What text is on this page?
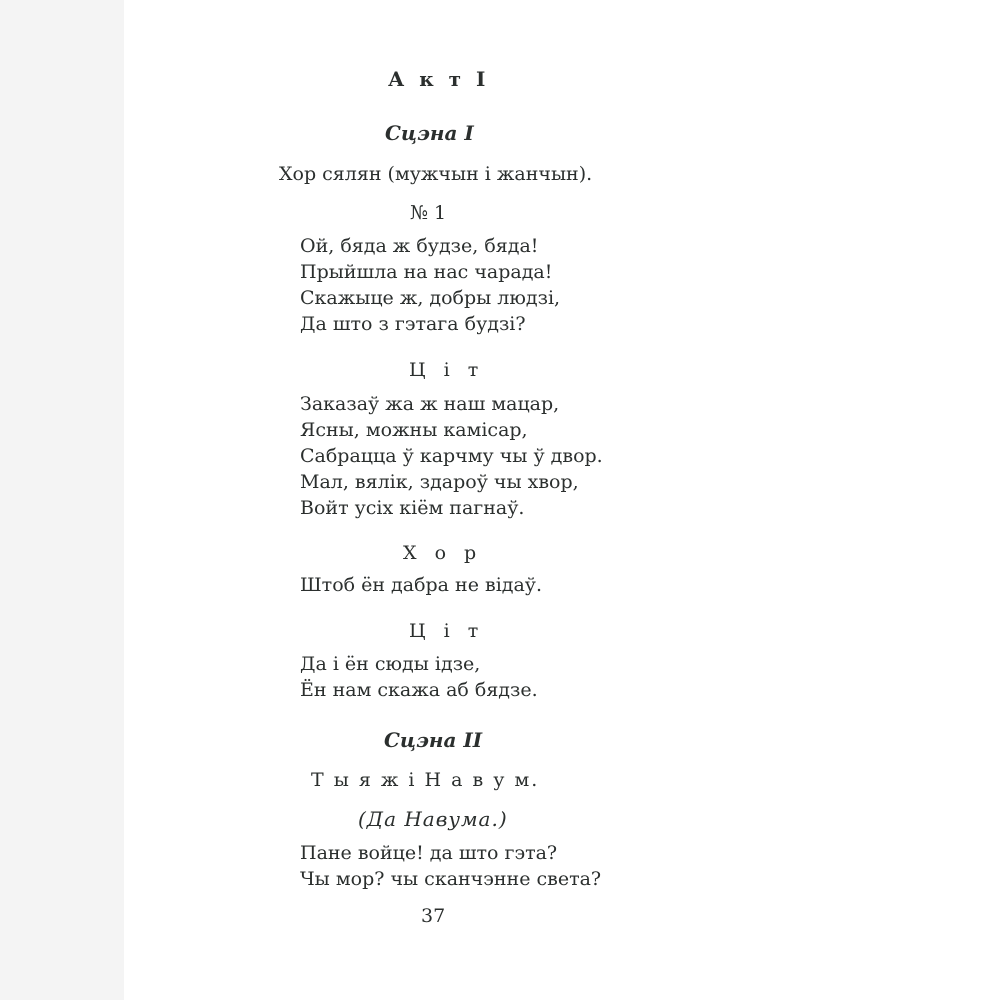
А к т I

Сцэна I

Хор сялян (мужчын і жанчын).

№ 1

Ой, бяда ж будзе, бяда!
Прыйшла на нас чарада!
Скажыце ж, добры людзі,
Да што з гэтага будзі?

Ц і т

Заказаў жа ж наш мацар,
Ясны, можны камісар,
Сабрацца ў карчму чы ў двор.
Мал, вялік, здароў чы хвор,
Войт усіх кіём пагнаў.

Х о р

Штоб ён дабра не відаў.

Ц і т

Да і ён сюды ідзе,
Ён нам скажа аб бядзе.

Сцэна II

Т ы я ж і Н а в у м.

(Да Навума.)

Пане войце! да што гэта?
Чы мор? чы сканчэнне света?

37
